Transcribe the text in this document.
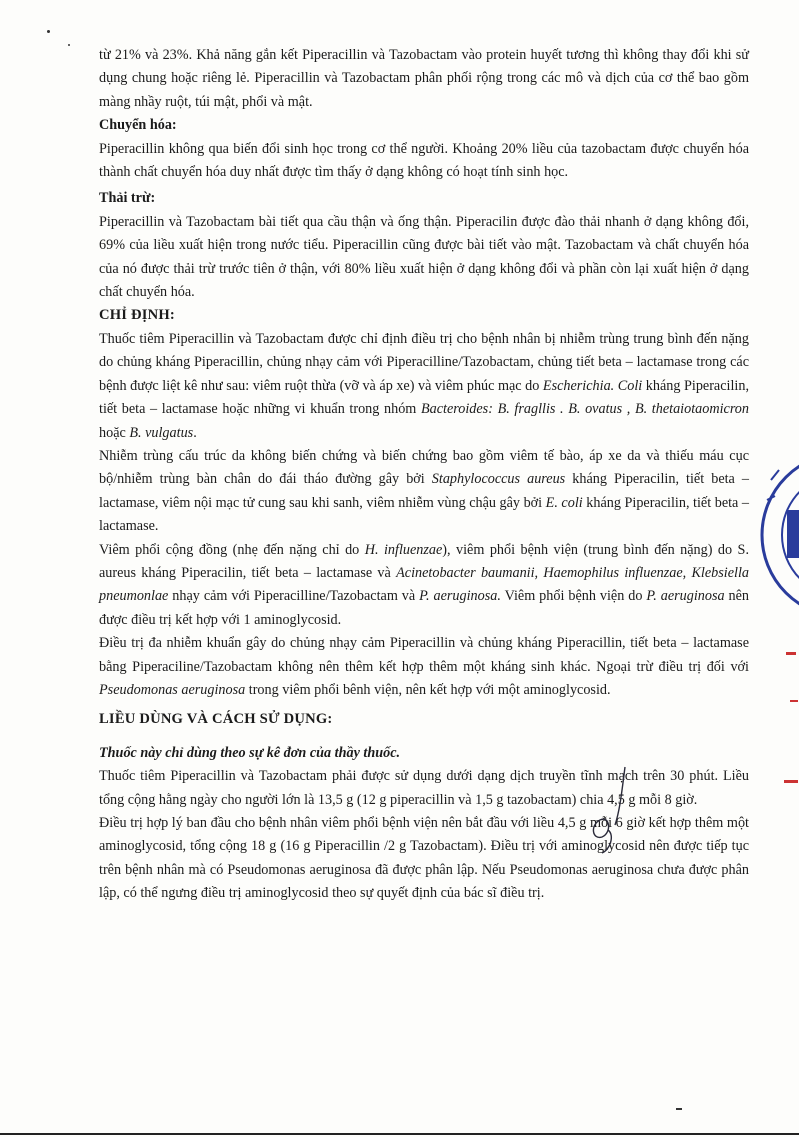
từ 21% và 23%. Khả năng gắn kết Piperacillin và Tazobactam vào protein huyết tương thì không thay đổi khi sử dụng chung hoặc riêng lẻ. Piperacillin và Tazobactam phân phối rộng trong các mô và dịch của cơ thể bao gồm màng nhầy ruột, túi mật, phổi và mật.

Chuyển hóa:

Piperacillin không qua biến đổi sinh học trong cơ thể người. Khoảng 20% liều của tazobactam được chuyển hóa thành chất chuyển hóa duy nhất được tìm thấy ở dạng không có hoạt tính sinh học.

Thải trừ:

Piperacillin và Tazobactam bài tiết qua cầu thận và ống thận. Piperacilin được đào thải nhanh ở dạng không đổi, 69% của liều xuất hiện trong nước tiểu. Piperacillin cũng được bài tiết vào mật. Tazobactam và chất chuyển hóa của nó được thải trừ trước tiên ở thận, với 80% liều xuất hiện ở dạng không đổi và phần còn lại xuất hiện ở dạng chất chuyển hóa.

CHỈ ĐỊNH:

Thuốc tiêm Piperacillin và Tazobactam được chỉ định điều trị cho bệnh nhân bị nhiễm trùng trung bình đến nặng do chủng kháng Piperacillin, chủng nhạy cảm với Piperacilline/Tazobactam, chủng tiết beta – lactamase trong các bệnh được liệt kê như sau: viêm ruột thừa (vỡ và áp xe) và viêm phúc mạc do Escherichia. Coli kháng Piperacilin, tiết beta – lactamase hoặc những vi khuẩn trong nhóm Bacteroides: B. fragllis . B. ovatus , B. thetaiotaomicron hoặc B. vulgatus.

Nhiễm trùng cấu trúc da không biến chứng và biến chứng bao gồm viêm tế bào, áp xe da và thiếu máu cục bộ/nhiễm trùng bàn chân do đái tháo đường gây bởi Staphylococcus aureus kháng Piperacilin, tiết beta – lactamase, viêm nội mạc tử cung sau khi sanh, viêm nhiễm vùng chậu gây bởi E. coli kháng Piperacilin, tiết beta – lactamase.

Viêm phổi cộng đồng (nhẹ đến nặng chỉ do H. influenzae), viêm phổi bệnh viện (trung bình đến nặng) do S. aureus kháng Piperacilin, tiết beta – lactamase và Acinetobacter baumanii, Haemophilus influenzae, Klebsiella pneumonlae nhạy cảm với Piperacilline/Tazobactam và P. aeruginosa. Viêm phổi bệnh viện do P. aeruginosa nên được điều trị kết hợp với 1 aminoglycosid.

Điều trị đa nhiễm khuẩn gây do chủng nhạy cảm Piperacillin và chủng kháng Piperacillin, tiết beta – lactamase bằng Piperaciline/Tazobactam không nên thêm kết hợp thêm một kháng sinh khác. Ngoại trừ điều trị đối với Pseudomonas aeruginosa trong viêm phổi bênh viện, nên kết hợp với một aminoglycosid.

LIỀU DÙNG VÀ CÁCH SỬ DỤNG:

Thuốc này chỉ dùng theo sự kê đơn của thầy thuốc.

Thuốc tiêm Piperacillin và Tazobactam phải được sử dụng dưới dạng dịch truyền tĩnh mạch trên 30 phút. Liều tổng cộng hằng ngày cho người lớn là 13,5 g (12 g piperacillin và 1,5 g tazobactam) chia 4,5 g mỗi 8 giờ.

Điều trị hợp lý ban đầu cho bệnh nhân viêm phổi bệnh viện nên bắt đầu với liều 4,5 g mỗi 6 giờ kết hợp thêm một aminoglycosid, tổng cộng 18 g (16 g Piperacillin /2 g Tazobactam). Điều trị với aminoglycosid nên được tiếp tục trên bệnh nhân mà có Pseudomonas aeruginosa đã được phân lập. Nếu Pseudomonas aeruginosa chưa được phân lập, có thể ngưng điều trị aminoglycosid theo sự quyết định của bác sĩ điều trị.
